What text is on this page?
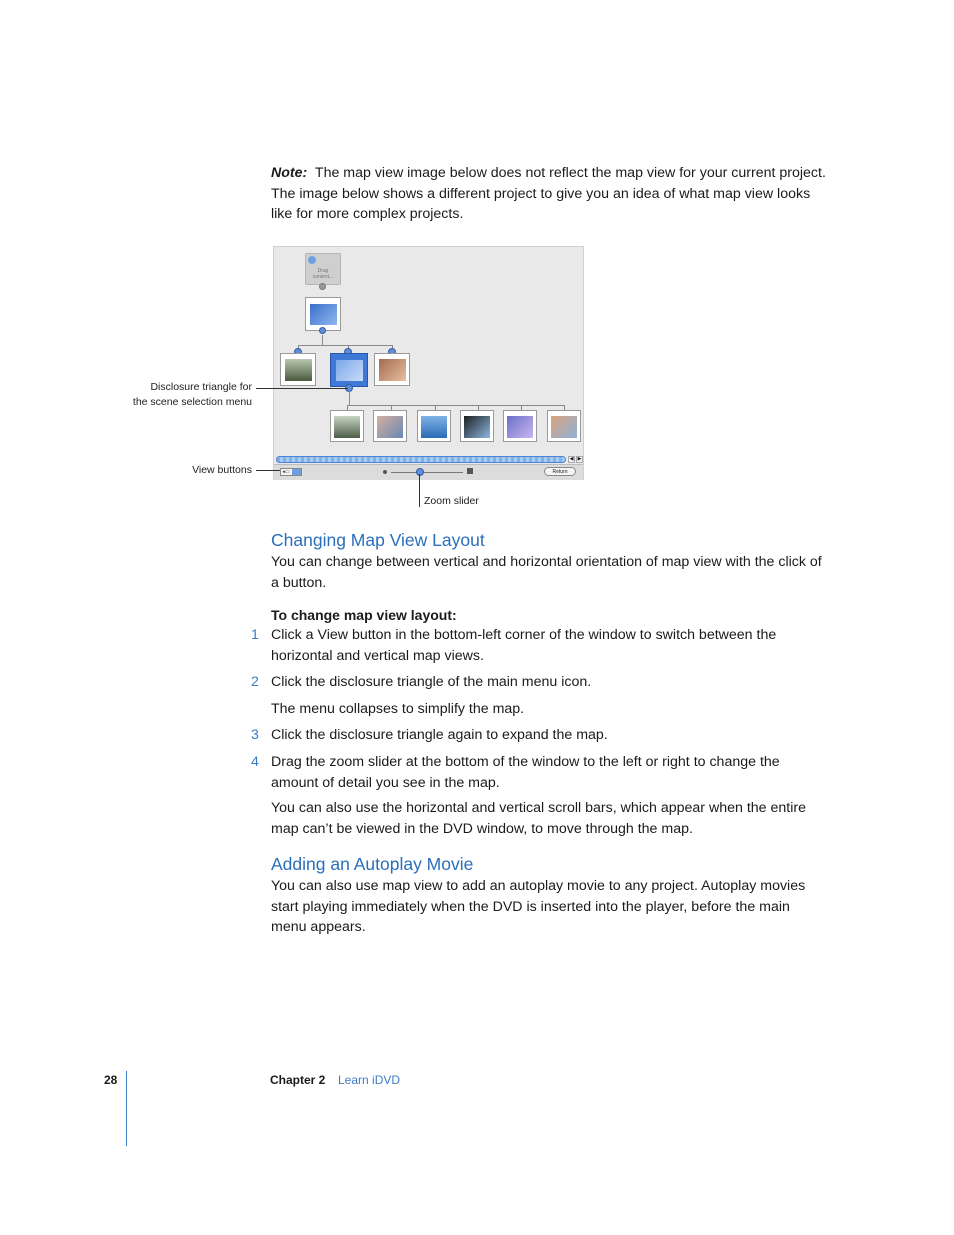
Note: The map view image below does not reflect the map view for your current project. The image below shows a different project to give you an idea of what map view looks like for more complex projects.
Drag
content...
◀ ▶
◂▭	Return
Disclosure triangle for
the scene selection menu
View buttons
Zoom slider
Changing Map View Layout
You can change between vertical and horizontal orientation of map view with the click of a button.
To change map view layout:
1 Click a View button in the bottom-left corner of the window to switch between the horizontal and vertical map views.
2 Click the disclosure triangle of the main menu icon.
The menu collapses to simplify the map.
3 Click the disclosure triangle again to expand the map.
4 Drag the zoom slider at the bottom of the window to the left or right to change the amount of detail you see in the map.
You can also use the horizontal and vertical scroll bars, which appear when the entire map can’t be viewed in the DVD window, to move through the map.
Adding an Autoplay Movie
You can also use map view to add an autoplay movie to any project. Autoplay movies start playing immediately when the DVD is inserted into the player, before the main menu appears.
28	Chapter 2 Learn iDVD
